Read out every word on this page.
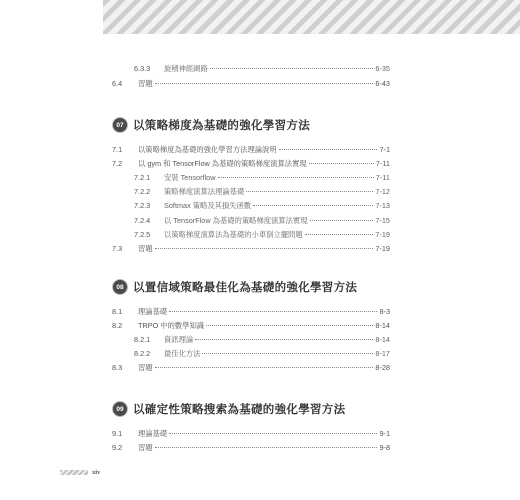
6.3.3	旋積神經網路	6-35
6.4	習題	6-43
07 以策略梯度為基礎的強化學習方法
7.1	以策略梯度為基礎的強化學習方法理論說明	7-1
7.2	以 gym 和 TensorFlow 為基礎的策略梯度演算法實現	7-11
7.2.1	安裝 Tensorflow	7-11
7.2.2	策略梯度演算法理論基礎	7-12
7.2.3	Softmax 策略及其損失函數	7-13
7.2.4	以 TensorFlow 為基礎的策略梯度演算法實現	7-15
7.2.5	以策略梯度演算法為基礎的小車倒立擺問題	7-19
7.3	習題	7-19
08 以置信域策略最佳化為基礎的強化學習方法
8.1	理論基礎	8-3
8.2	TRPO 中的數學知識	8-14
8.2.1	資訊理論	8-14
8.2.2	最佳化方法	8-17
8.3	習題	8-28
09 以確定性策略搜索為基礎的強化學習方法
9.1	理論基礎	9-1
9.2	習題	9-8
xiv
